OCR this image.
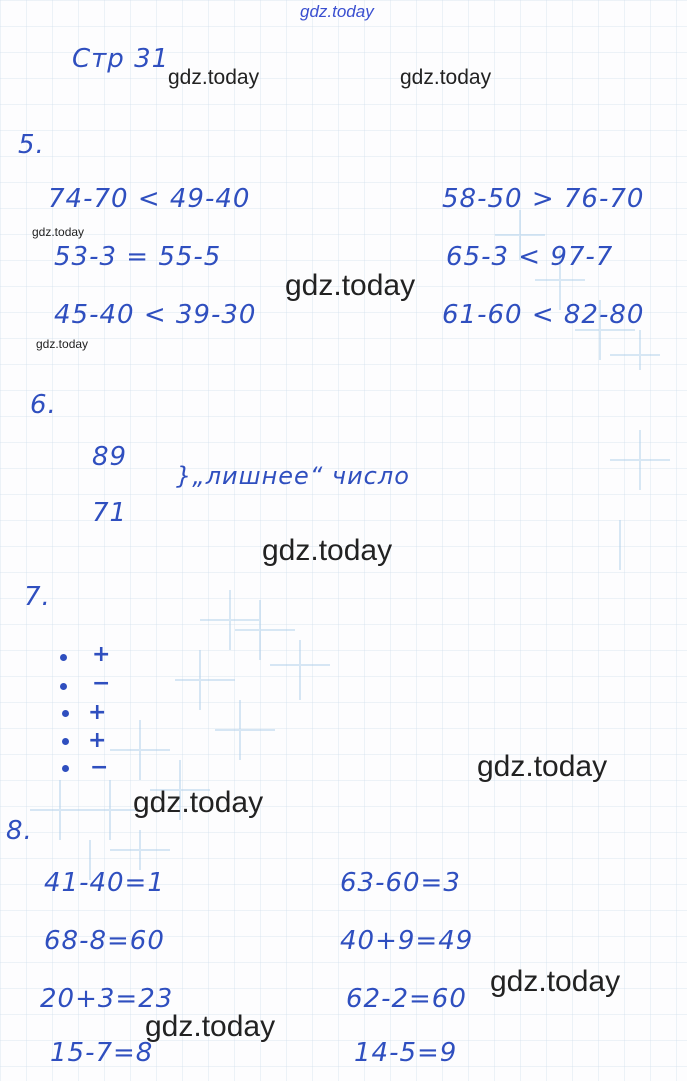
gdz.today
Стр 31
gdz.today	gdz.today
5.
74-70 < 49-40
53-3 = 55-5
45-40 < 39-30
58-50 > 76-70
65-3 < 97-7
61-60 < 82-80
gdz.today
gdz.today
gdz.today
6.
89
71
}„лишнее“ число
gdz.today
7.
+
−
+
+
−	gdz.today
gdz.today
8.
41-40=1
68-8=60
20+3=23
15-7=8
63-60=3
40+9=49
62-2=60
14-5=9
gdz.today
gdz.today
